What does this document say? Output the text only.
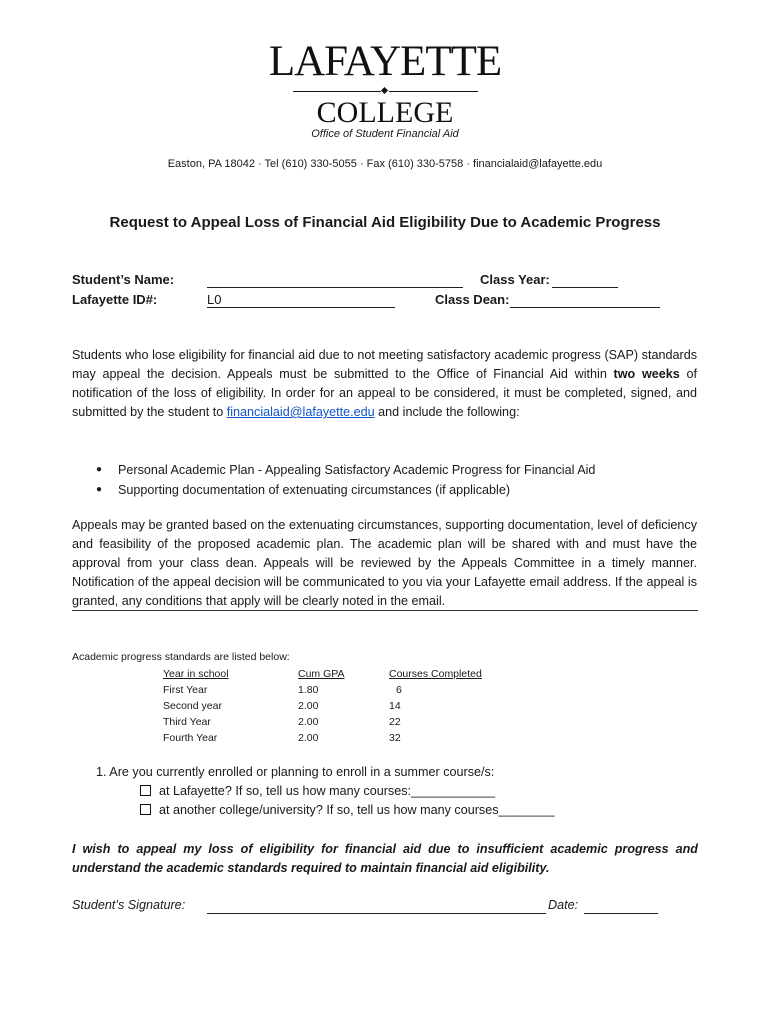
LAFAYETTE
COLLEGE
Office of Student Financial Aid
Easton, PA 18042 · Tel (610) 330-5055 · Fax (610) 330-5758 · financialaid@lafayette.edu
Request to Appeal Loss of Financial Aid Eligibility Due to Academic Progress
Student’s Name:	Class Year:
Lafayette ID#:	L0	Class Dean:
Students who lose eligibility for financial aid due to not meeting satisfactory academic progress (SAP) standards may appeal the decision. Appeals must be submitted to the Office of Financial Aid within two weeks of notification of the loss of eligibility. In order for an appeal to be considered, it must be completed, signed, and submitted by the student to financialaid@lafayette.edu and include the following:
● Personal Academic Plan - Appealing Satisfactory Academic Progress for Financial Aid
● Supporting documentation of extenuating circumstances (if applicable)
Appeals may be granted based on the extenuating circumstances, supporting documentation, level of deficiency and feasibility of the proposed academic plan. The academic plan will be shared with and must have the approval from your class dean. Appeals will be reviewed by the Appeals Committee in a timely manner. Notification of the appeal decision will be communicated to you via your Lafayette email address. If the appeal is granted, any conditions that apply will be clearly noted in the email.
Academic progress standards are listed below:
Year in school	Cum GPA	Courses Completed
First Year	1.80	6
Second year	2.00	14
Third Year	2.00	22
Fourth Year	2.00	32
1. Are you currently enrolled or planning to enroll in a summer course/s:
at Lafayette? If so, tell us how many courses:____________
at another college/university? If so, tell us how many courses________
I wish to appeal my loss of eligibility for financial aid due to insufficient academic progress and understand the academic standards required to maintain financial aid eligibility.
Student’s Signature:	Date:
